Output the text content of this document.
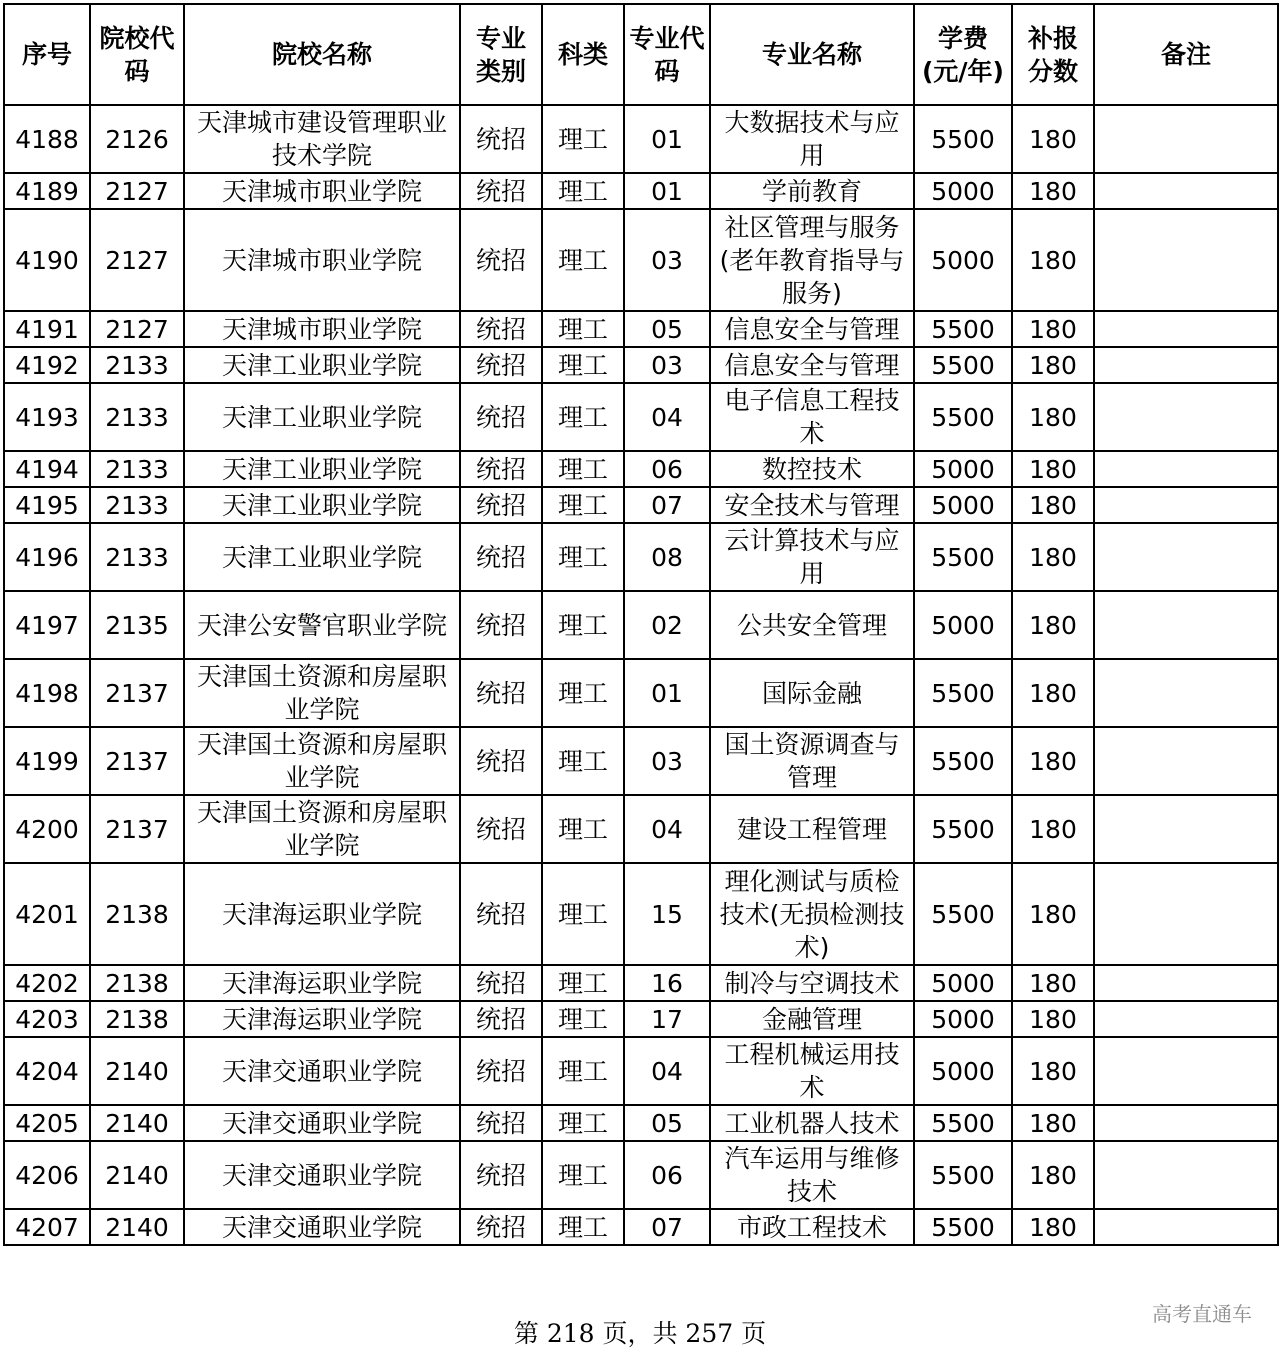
序号	院校代码	院校名称	专业类别	科类	专业代码	专业名称	学费(元/年)	补报分数	备注
4188	2126	天津城市建设管理职业技术学院	统招	理工	01	大数据技术与应用	5500	180	
4189	2127	天津城市职业学院	统招	理工	01	学前教育	5000	180	
4190	2127	天津城市职业学院	统招	理工	03	社区管理与服务(老年教育指导与服务)	5000	180	
4191	2127	天津城市职业学院	统招	理工	05	信息安全与管理	5500	180	
4192	2133	天津工业职业学院	统招	理工	03	信息安全与管理	5500	180	
4193	2133	天津工业职业学院	统招	理工	04	电子信息工程技术	5500	180	
4194	2133	天津工业职业学院	统招	理工	06	数控技术	5000	180	
4195	2133	天津工业职业学院	统招	理工	07	安全技术与管理	5000	180	
4196	2133	天津工业职业学院	统招	理工	08	云计算技术与应用	5500	180	
4197	2135	天津公安警官职业学院	统招	理工	02	公共安全管理	5000	180	
4198	2137	天津国土资源和房屋职业学院	统招	理工	01	国际金融	5500	180	
4199	2137	天津国土资源和房屋职业学院	统招	理工	03	国土资源调查与管理	5500	180	
4200	2137	天津国土资源和房屋职业学院	统招	理工	04	建设工程管理	5500	180	
4201	2138	天津海运职业学院	统招	理工	15	理化测试与质检技术(无损检测技术)	5500	180	
4202	2138	天津海运职业学院	统招	理工	16	制冷与空调技术	5000	180	
4203	2138	天津海运职业学院	统招	理工	17	金融管理	5000	180	
4204	2140	天津交通职业学院	统招	理工	04	工程机械运用技术	5000	180	
4205	2140	天津交通职业学院	统招	理工	05	工业机器人技术	5500	180	
4206	2140	天津交通职业学院	统招	理工	06	汽车运用与维修技术	5500	180	
4207	2140	天津交通职业学院	统招	理工	07	市政工程技术	5500	180	
第 218 页，共 257 页
高考直通车
